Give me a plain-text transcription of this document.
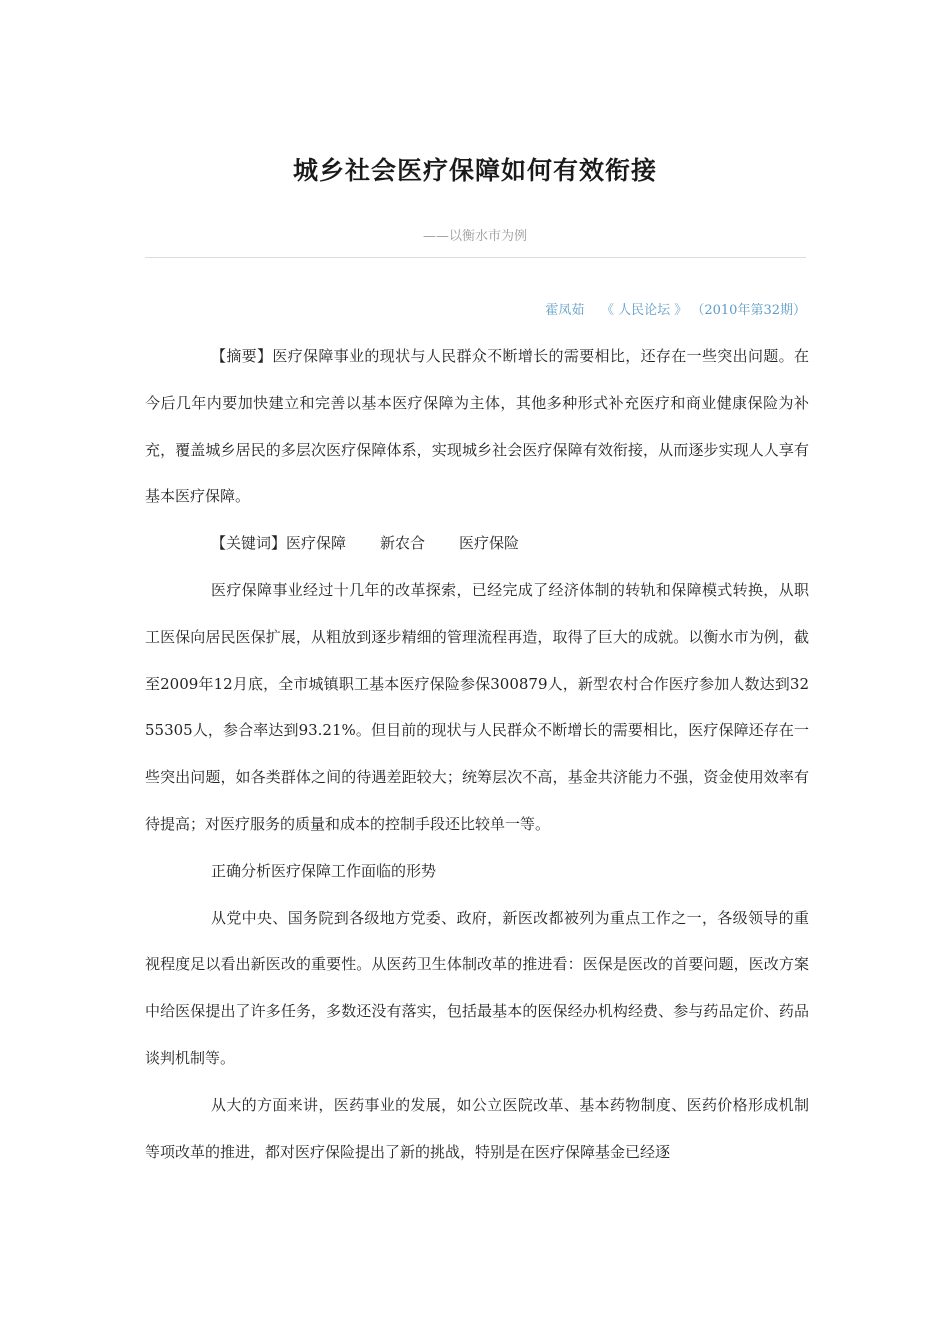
城乡社会医疗保障如何有效衔接
——以衡水市为例
霍凤茹 《 人民论坛 》 （2010年第32期）

【摘要】医疗保障事业的现状与人民群众不断增长的需要相比，还存在一些突出问题。在今后几年内要加快建立和完善以基本医疗保障为主体，其他多种形式补充医疗和商业健康保险为补充，覆盖城乡居民的多层次医疗保障体系，实现城乡社会医疗保障有效衔接，从而逐步实现人人享有基本医疗保障。

【关键词】医疗保障 新农合 医疗保险

医疗保障事业经过十几年的改革探索，已经完成了经济体制的转轨和保障模式转换，从职工医保向居民医保扩展，从粗放到逐步精细的管理流程再造，取得了巨大的成就。以衡水市为例，截至2009年12月底，全市城镇职工基本医疗保险参保300879人，新型农村合作医疗参加人数达到3255305人，参合率达到93.21%。但目前的现状与人民群众不断增长的需要相比，医疗保障还存在一些突出问题，如各类群体之间的待遇差距较大；统筹层次不高，基金共济能力不强，资金使用效率有待提高；对医疗服务的质量和成本的控制手段还比较单一等。

正确分析医疗保障工作面临的形势

从党中央、国务院到各级地方党委、政府，新医改都被列为重点工作之一，各级领导的重视程度足以看出新医改的重要性。从医药卫生体制改革的推进看：医保是医改的首要问题，医改方案中给医保提出了许多任务，多数还没有落实，包括最基本的医保经办机构经费、参与药品定价、药品谈判机制等。

从大的方面来讲，医药事业的发展，如公立医院改革、基本药物制度、医药价格形成机制等项改革的推进，都对医疗保险提出了新的挑战，特别是在医疗保障基金已经逐
